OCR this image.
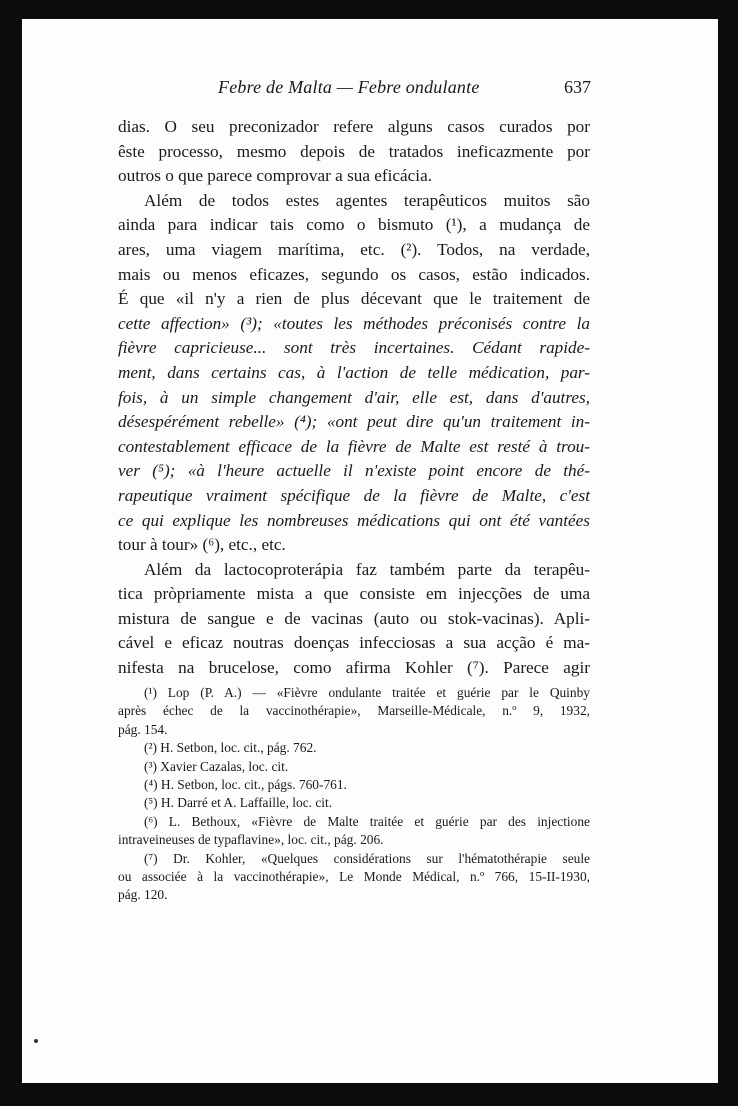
Febre de Malta — Febre ondulante	637

dias. O seu preconizador refere alguns casos curados por
êste processo, mesmo depois de tratados ineficazmente por
outros o que parece comprovar a sua eficácia.

Além de todos estes agentes terapêuticos muitos são
ainda para indicar tais como o bismuto (¹), a mudança de
ares, uma viagem marítima, etc. (²). Todos, na verdade,
mais ou menos eficazes, segundo os casos, estão indicados.
É que «il n'y a rien de plus décevant que le traitement de
cette affection» (³); «toutes les méthodes préconisés contre la
fièvre capricieuse... sont très incertaines. Cédant rapide-
ment, dans certains cas, à l'action de telle médication, par-
fois, à un simple changement d'air, elle est, dans d'autres,
désespérément rebelle» (⁴); «ont peut dire qu'un traitement in-
contestablement efficace de la fièvre de Malte est resté à trou-
ver (⁵); «à l'heure actuelle il n'existe point encore de thé-
rapeutique vraiment spécifique de la fièvre de Malte, c'est
ce qui explique les nombreuses médications qui ont été vantées
tour à tour» (⁶), etc., etc.

Além da lactocoproterápia faz também parte da terapêu-
tica pròpriamente mista a que consiste em injecções de uma
mistura de sangue e de vacinas (auto ou stok-vacinas). Apli-
cável e eficaz noutras doenças infecciosas a sua acção é ma-
nifesta na brucelose, como afirma Kohler (⁷). Parece agir

(¹) Lop (P. A.) — «Fièvre ondulante traitée et guérie par le Quinby
après échec de la vaccinothérapie», Marseille-Médicale, n.º 9, 1932,
pág. 154.

(²) H. Setbon, loc. cit., pág. 762.

(³) Xavier Cazalas, loc. cit.

(⁴) H. Setbon, loc. cit., págs. 760-761.

(⁵) H. Darré et A. Laffaille, loc. cit.

(⁶) L. Bethoux, «Fièvre de Malte traitée et guérie par des injectione
intraveineuses de typaflavine», loc. cit., pág. 206.

(⁷) Dr. Kohler, «Quelques considérations sur l'hématothérapie seule
ou associée à la vaccinothérapie», Le Monde Médical, n.º 766, 15-II-1930,
pág. 120.
